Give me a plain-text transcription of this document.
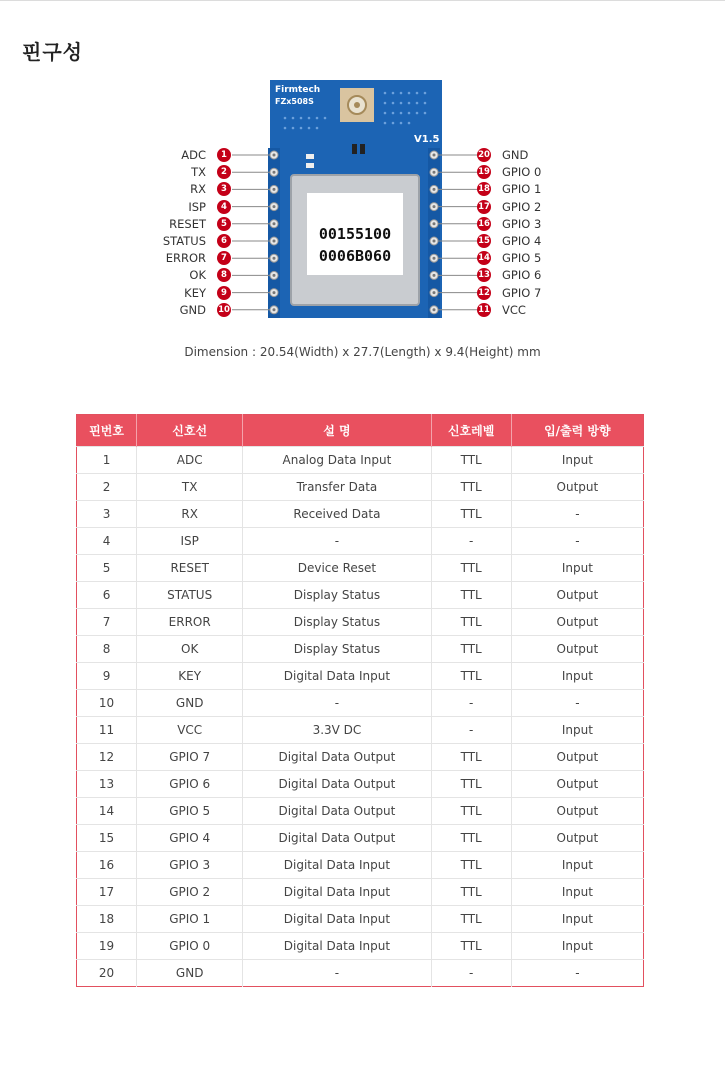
핀구성
Firmtech
FZx508S
V1.5
00155100
0006B060
ADC	1
TX	2
RX	3
ISP	4
RESET	5
STATUS	6
ERROR	7
OK	8
KEY	9
GND 10
20 GND
19 GPIO 0
18 GPIO 1
17 GPIO 2
16 GPIO 3
15 GPIO 4
14 GPIO 5
13 GPIO 6
12 GPIO 7
11 VCC
Dimension : 20.54(Width) x 27.7(Length) x 9.4(Height) mm
핀번호	신호선	설 명	신호레벨	입/출력 방향
1	ADC	Analog Data Input	TTL	Input
2	TX	Transfer Data	TTL	Output
3	RX	Received Data	TTL	-
4	ISP	-	-	-
5	RESET	Device Reset	TTL	Input
6	STATUS	Display Status	TTL	Output
7	ERROR	Display Status	TTL	Output
8	OK	Display Status	TTL	Output
9	KEY	Digital Data Input	TTL	Input
10	GND	-	-	-
11	VCC	3.3V DC	-	Input
12	GPIO 7	Digital Data Output	TTL	Output
13	GPIO 6	Digital Data Output	TTL	Output
14	GPIO 5	Digital Data Output	TTL	Output
15	GPIO 4	Digital Data Output	TTL	Output
16	GPIO 3	Digital Data Input	TTL	Input
17	GPIO 2	Digital Data Input	TTL	Input
18	GPIO 1	Digital Data Input	TTL	Input
19	GPIO 0	Digital Data Input	TTL	Input
20	GND	-	-	-
